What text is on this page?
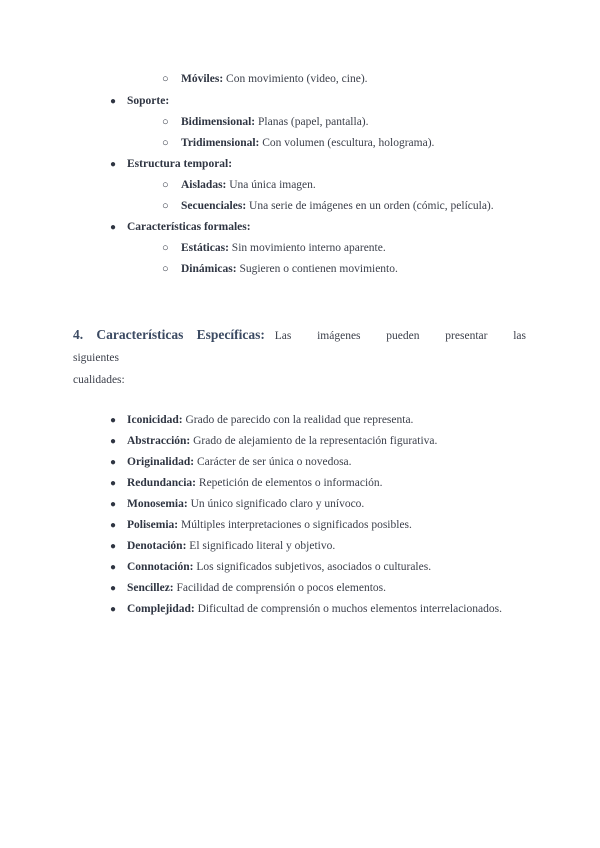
○ Móviles: Con movimiento (video, cine).
● Soporte:
○ Bidimensional: Planas (papel, pantalla).
○ Tridimensional: Con volumen (escultura, holograma).
● Estructura temporal:
○ Aisladas: Una única imagen.
○ Secuenciales: Una serie de imágenes en un orden (cómic, película).
● Características formales:
○ Estáticas: Sin movimiento interno aparente.
○ Dinámicas: Sugieren o contienen movimiento.
4. Características Específicas: Las imágenes pueden presentar las siguientes
cualidades:
● Iconicidad: Grado de parecido con la realidad que representa.
● Abstracción: Grado de alejamiento de la representación figurativa.
● Originalidad: Carácter de ser única o novedosa.
● Redundancia: Repetición de elementos o información.
● Monosemia: Un único significado claro y unívoco.
● Polisemia: Múltiples interpretaciones o significados posibles.
● Denotación: El significado literal y objetivo.
● Connotación: Los significados subjetivos, asociados o culturales.
● Sencillez: Facilidad de comprensión o pocos elementos.
● Complejidad: Dificultad de comprensión o muchos elementos interrelacionados.
